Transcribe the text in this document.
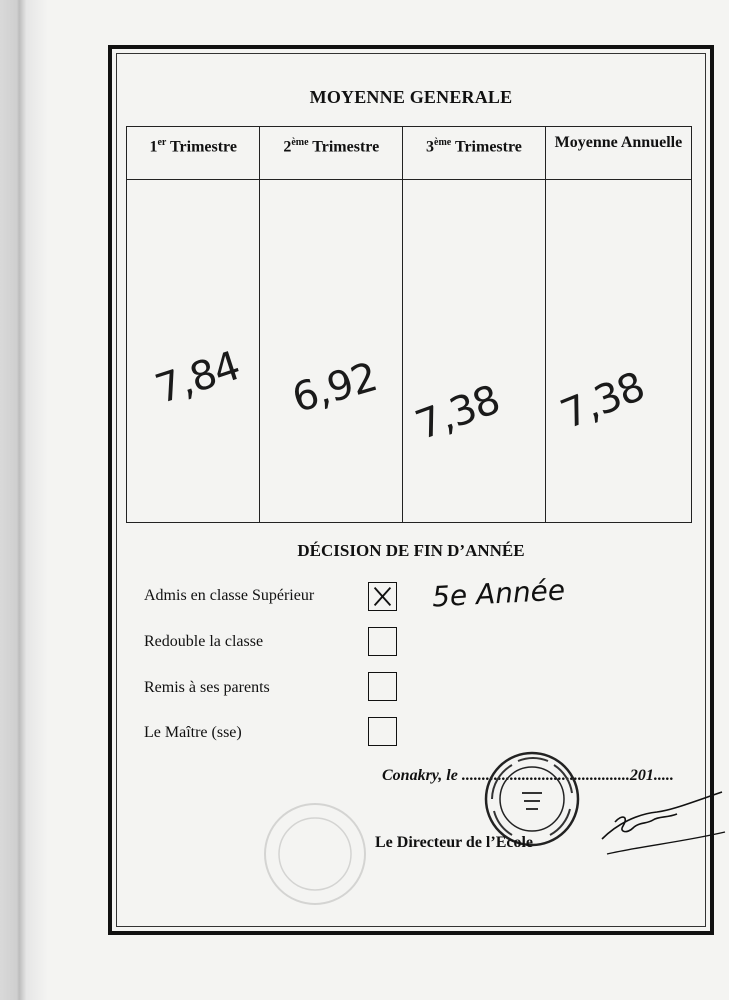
MOYENNE GENERALE
1er Trimestre	2ème Trimestre	3ème Trimestre	Moyenne Annuelle

7,84	6,92	7,38	7,38
DÉCISION DE FIN D’ANNÉE
Admis en classe Supérieur	5e Année
Redouble la classe
Remis à ses parents
Le Maître (sse)
Conakry, le ..........................................201.....
Le Directeur de l’Ecole
